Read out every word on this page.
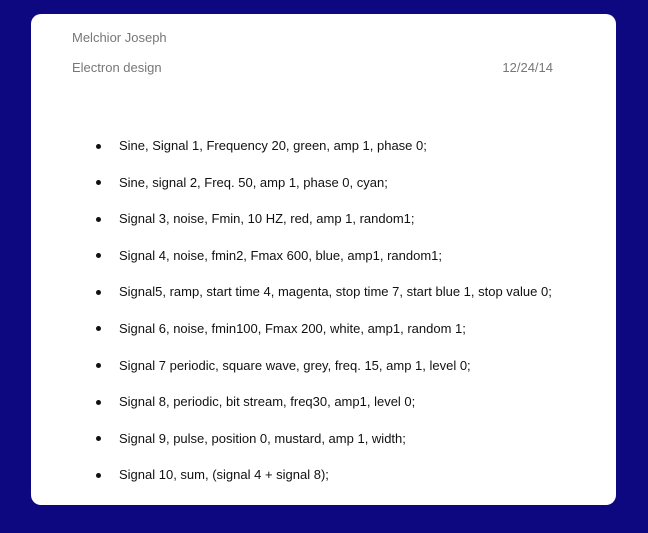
Melchior Joseph
Electron design	12/24/14
Sine, Signal 1, Frequency 20, green, amp 1, phase 0;
Sine, signal 2, Freq. 50, amp 1, phase 0, cyan;
Signal 3, noise, Fmin, 10 HZ, red, amp 1, random1;
Signal 4, noise, fmin2, Fmax 600, blue, amp1, random1;
Signal5, ramp, start time 4, magenta, stop time 7, start blue 1, stop value 0;
Signal 6, noise, fmin100, Fmax 200, white, amp1, random 1;
Signal 7 periodic, square wave, grey, freq. 15, amp 1, level 0;
Signal 8, periodic, bit stream, freq30, amp1, level 0;
Signal 9, pulse, position 0, mustard, amp 1, width;
Signal 10, sum, (signal 4 + signal 8);
